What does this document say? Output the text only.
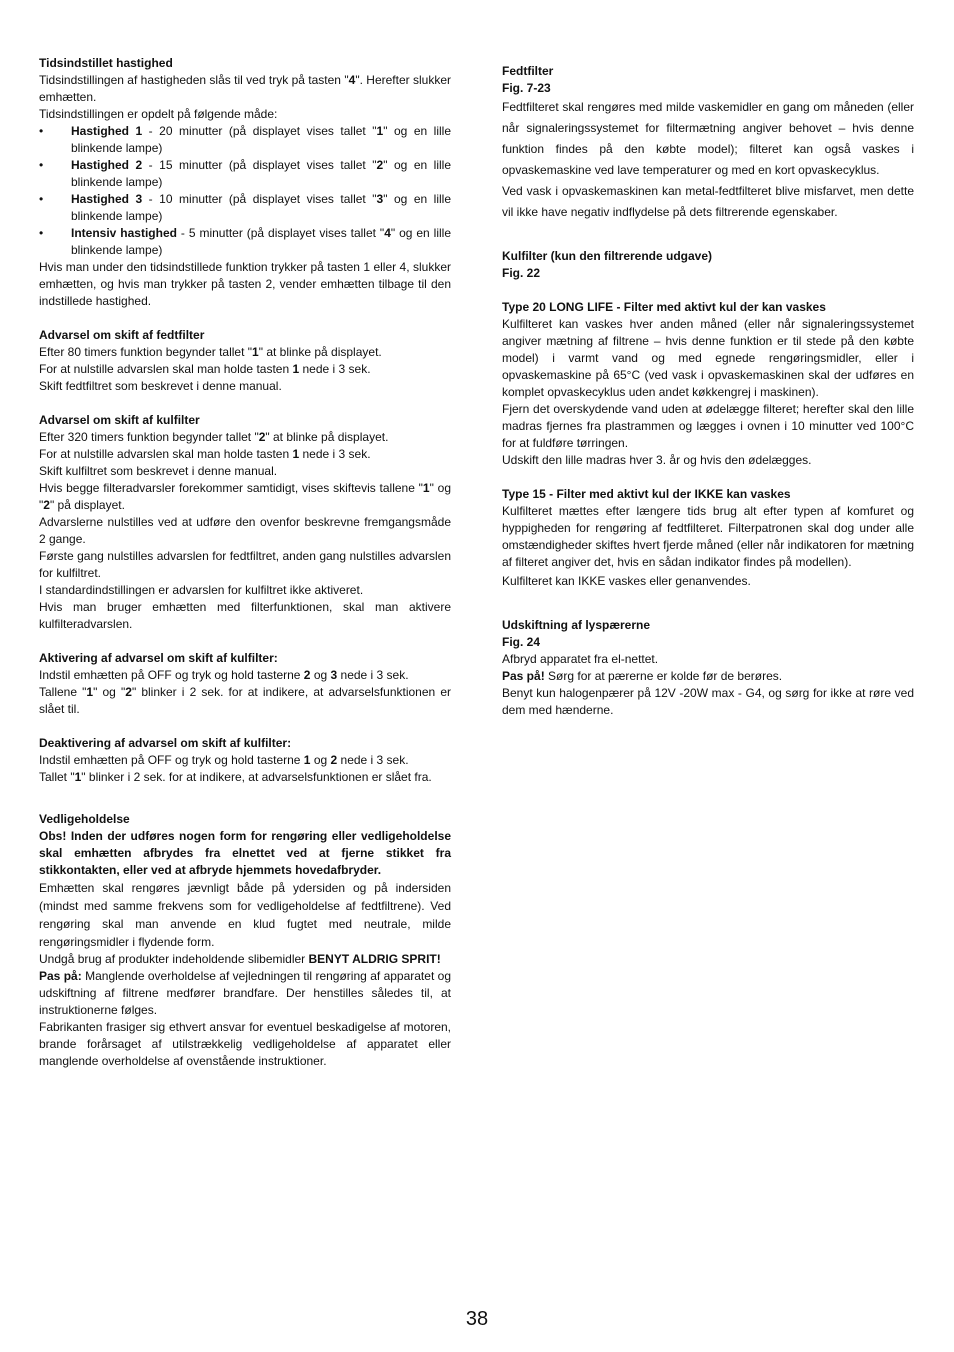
Tidsindstillet hastighed

Tidsindstillingen af hastigheden slås til ved tryk på tasten "4". Herefter slukker emhætten.

Tidsindstillingen er opdelt på følgende måde:

• Hastighed 1 - 20 minutter (på displayet vises tallet "1" og en lille blinkende lampe)
• Hastighed 2 - 15 minutter (på displayet vises tallet "2" og en lille blinkende lampe)
• Hastighed 3 - 10 minutter (på displayet vises tallet "3" og en lille blinkende lampe)
• Intensiv hastighed - 5 minutter (på displayet vises tallet "4" og en lille blinkende lampe)

Hvis man under den tidsindstillede funktion trykker på tasten 1 eller 4, slukker emhætten, og hvis man trykker på tasten 2, vender emhætten tilbage til den indstillede hastighed.

Advarsel om skift af fedtfilter

Efter 80 timers funktion begynder tallet "1" at blinke på displayet.

For at nulstille advarslen skal man holde tasten 1 nede i 3 sek.

Skift fedtfiltret som beskrevet i denne manual.

Advarsel om skift af kulfilter

Efter 320 timers funktion begynder tallet "2" at blinke på displayet.

For at nulstille advarslen skal man holde tasten 1 nede i 3 sek.

Skift kulfiltret som beskrevet i denne manual.

Hvis begge filteradvarsler forekommer samtidigt, vises skiftevis tallene "1" og "2" på displayet.

Advarslerne nulstilles ved at udføre den ovenfor beskrevne fremgangsmåde 2 gange.

Første gang nulstilles advarslen for fedtfiltret, anden gang nulstilles advarslen for kulfiltret.

I standardindstillingen er advarslen for kulfiltret ikke aktiveret.

Hvis man bruger emhætten med filterfunktionen, skal man aktivere kulfilteradvarslen.

Aktivering af advarsel om skift af kulfilter:

Indstil emhætten på OFF og tryk og hold tasterne 2 og 3 nede i 3 sek.

Tallene "1" og "2" blinker i 2 sek. for at indikere, at advarselsfunktionen er slået til.

Deaktivering af advarsel om skift af kulfilter:

Indstil emhætten på OFF og tryk og hold tasterne 1 og 2 nede i 3 sek.

Tallet "1" blinker i 2 sek. for at indikere, at advarselsfunktionen er slået fra.

Vedligeholdelse

Obs! Inden der udføres nogen form for rengøring eller vedligeholdelse skal emhætten afbrydes fra elnettet ved at fjerne stikket fra stikkontakten, eller ved at afbryde hjemmets hovedafbryder.

Emhætten skal rengøres jævnligt både på ydersiden og på indersiden (mindst med samme frekvens som for vedligeholdelse af fedtfiltrene). Ved rengøring skal man anvende en klud fugtet med neutrale, milde rengøringsmidler i flydende form.

Undgå brug af produkter indeholdende slibemidler BENYT ALDRIG SPRIT!

Pas på: Manglende overholdelse af vejledningen til rengøring af apparatet og udskiftning af filtrene medfører brandfare. Der henstilles således til, at instruktionerne følges.

Fabrikanten frasiger sig ethvert ansvar for eventuel beskadigelse af motoren, brande forårsaget af utilstrækkelig vedligeholdelse af apparatet eller manglende overholdelse af ovenstående instruktioner.

Fedtfilter

Fig. 7-23

Fedtfilteret skal rengøres med milde vaskemidler en gang om måneden (eller når signaleringssystemet for filtermætning angiver behovet – hvis denne funktion findes på den købte model); filteret kan også vaskes i opvaskemaskine ved lave temperaturer og med en kort opvaskecyklus.

Ved vask i opvaskemaskinen kan metal-fedtfilteret blive misfarvet, men dette vil ikke have negativ indflydelse på dets filtrerende egenskaber.

Kulfilter (kun den filtrerende udgave)

Fig. 22

Type 20 LONG LIFE - Filter med aktivt kul der kan vaskes

Kulfilteret kan vaskes hver anden måned (eller når signaleringssystemet angiver mætning af filtrene – hvis denne funktion er til stede på den købte model) i varmt vand og med egnede rengøringsmidler, eller i opvaskemaskine på 65°C (ved vask i opvaskemaskinen skal der udføres en komplet opvaskecyklus uden andet køkkengrej i maskinen).

Fjern det overskydende vand uden at ødelægge filteret; herefter skal den lille madras fjernes fra plastrammen og lægges i ovnen i 10 minutter ved 100°C for at fuldføre tørringen.

Udskift den lille madras hver 3. år og hvis den ødelægges.

Type 15 - Filter med aktivt kul der IKKE kan vaskes

Kulfilteret mættes efter længere tids brug alt efter typen af komfuret og hyppigheden for rengøring af fedtfilteret. Filterpatronen skal dog under alle omstændigheder skiftes hvert fjerde måned (eller når indikatoren for mætning af filteret angiver det, hvis en sådan indikator findes på modellen).

Kulfilteret kan IKKE vaskes eller genanvendes.

Udskiftning af lyspærerne

Fig. 24

Afbryd apparatet fra el-nettet.

Pas på! Sørg for at pærerne er kolde før de berøres.

Benyt kun halogenpærer på 12V -20W max - G4, og sørg for ikke at røre ved dem med hænderne.

38
